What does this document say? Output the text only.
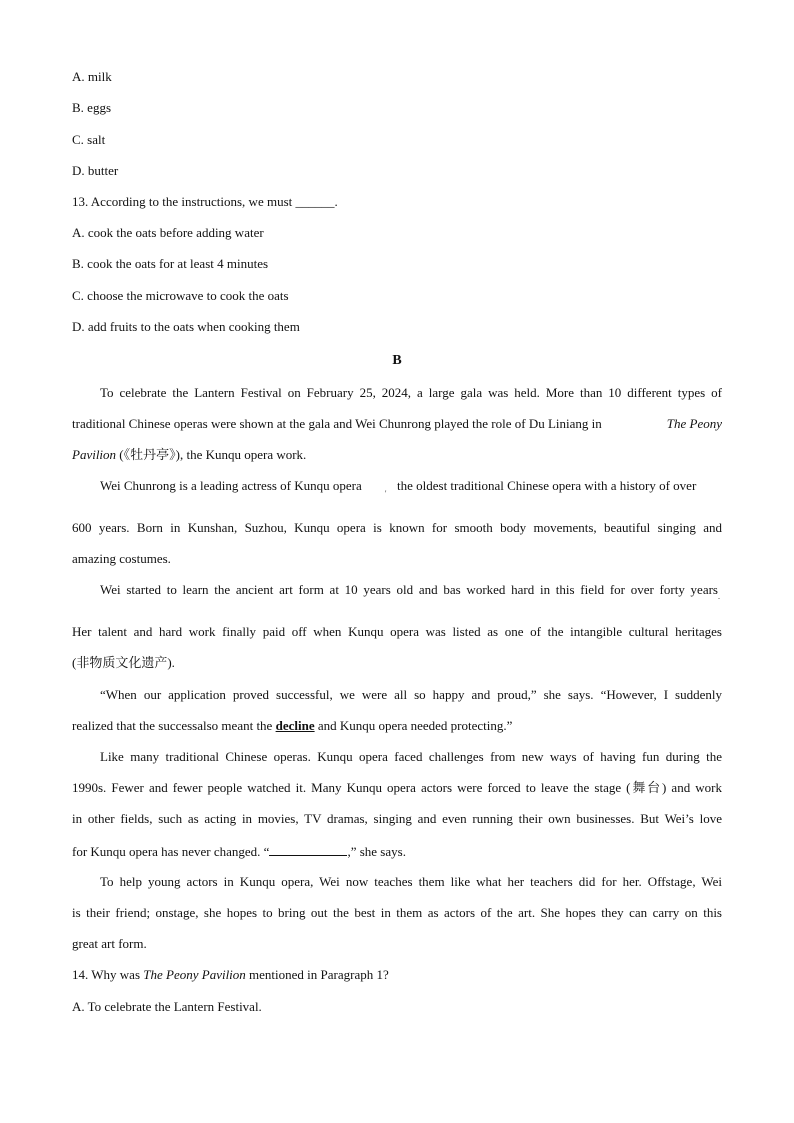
A. milk
B. eggs
C. salt
D. butter
13. According to the instructions, we must ______.
A. cook the oats before adding water
B. cook the oats for at least 4 minutes
C. choose the microwave to cook the oats
D. add fruits to the oats when cooking them
B
To celebrate the Lantern Festival on February 25, 2024, a large gala was held. More than 10 different types of
traditional Chinese operas were shown at the gala and Wei Chunrong played the role of Du Liniang in	The Peony
Pavilion (《牡丹亭》), the Kunqu opera work.
Wei Chunrong is a leading actress of Kunqu opera
'
the oldest traditional Chinese opera with a history of over
600 years. Born in Kunshan, Suzhou, Kunqu opera is known for smooth body movements, beautiful singing and
amazing costumes.
Wei started to learn the ancient art form at 10 years old and bas worked hard in this field for over forty years .
Her talent and hard work finally paid off when Kunqu opera was listed as one of the intangible cultural heritages
(非物质文化遗产).
“When our application proved successful, we were all so happy and proud,” she says. “However, I suddenly
realized that the successalso meant the decline and Kunqu opera needed protecting.”
Like many traditional Chinese operas. Kunqu opera faced challenges from new ways of having fun during the
1990s. Fewer and fewer people watched it. Many Kunqu opera actors were forced to leave the stage (舞台) and work
in other fields, such as acting in movies, TV dramas, singing and even running their own businesses. But Wei’s love
for Kunqu opera has never changed. “	,” she says.
To help young actors in Kunqu opera, Wei now teaches them like what her teachers did for her. Offstage, Wei
is their friend; onstage, she hopes to bring out the best in them as actors of the art. She hopes they can carry on this
great art form.
14. Why was The Peony Pavilion mentioned in Paragraph 1?
A. To celebrate the Lantern Festival.
